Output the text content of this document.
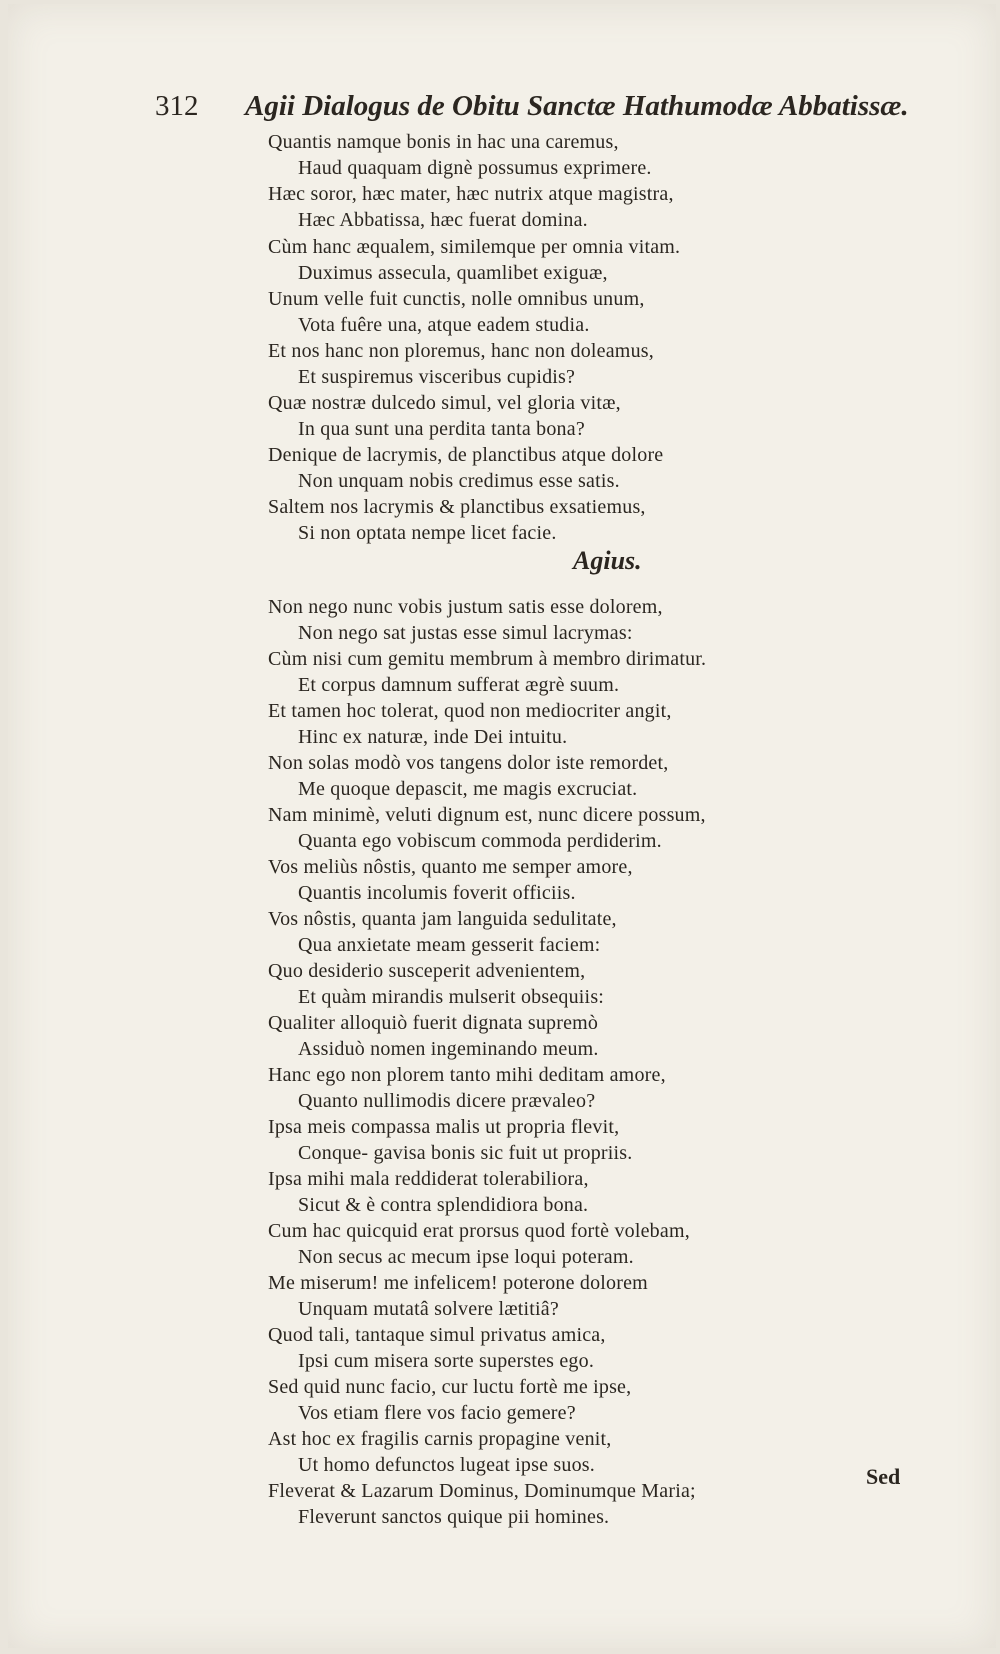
312 Agii Dialogus de Obitu Sanctæ Hathumodæ Abbatissæ.
Quantis namque bonis in hac una caremus,
Haud quaquam dignè possumus exprimere.
Hæc soror, hæc mater, hæc nutrix atque magistra,
Hæc Abbatissa, hæc fuerat domina.
Cùm hanc æqualem, similemque per omnia vitam.
Duximus assecula, quamlibet exiguæ,
Unum velle fuit cunctis, nolle omnibus unum,
Vota fuêre una, atque eadem studia.
Et nos hanc non ploremus, hanc non doleamus,
Et suspiremus visceribus cupidis?
Quæ nostræ dulcedo simul, vel gloria vitæ,
In qua sunt una perdita tanta bona?
Denique de lacrymis, de planctibus atque dolore
Non unquam nobis credimus esse satis.
Saltem nos lacrymis & planctibus exsatiemus,
Si non optata nempe licet facie.
Agius.
Non nego nunc vobis justum satis esse dolorem,
Non nego sat justas esse simul lacrymas:
Cùm nisi cum gemitu membrum à membro dirimatur.
Et corpus damnum sufferat ægrè suum.
Et tamen hoc tolerat, quod non mediocriter angit,
Hinc ex naturæ, inde Dei intuitu.
Non solas modò vos tangens dolor iste remordet,
Me quoque depascit, me magis excruciat.
Nam minimè, veluti dignum est, nunc dicere possum,
Quanta ego vobiscum commoda perdiderim.
Vos meliùs nôstis, quanto me semper amore,
Quantis incolumis foverit officiis.
Vos nôstis, quanta jam languida sedulitate,
Qua anxietate meam gesserit faciem:
Quo desiderio susceperit advenientem,
Et quàm mirandis mulserit obsequiis:
Qualiter alloquiò fuerit dignata supremò
Assiduò nomen ingeminando meum.
Hanc ego non plorem tanto mihi deditam amore,
Quanto nullimodis dicere prævaleo?
Ipsa meis compassa malis ut propria flevit,
Conque- gavisa bonis sic fuit ut propriis.
Ipsa mihi mala reddiderat tolerabiliora,
Sicut & è contra splendidiora bona.
Cum hac quicquid erat prorsus quod fortè volebam,
Non secus ac mecum ipse loqui poteram.
Me miserum! me infelicem! poterone dolorem
Unquam mutatâ solvere lætitiâ?
Quod tali, tantaque simul privatus amica,
Ipsi cum misera sorte superstes ego.
Sed quid nunc facio, cur luctu fortè me ipse,
Vos etiam flere vos facio gemere?
Ast hoc ex fragilis carnis propagine venit,
Ut homo defunctos lugeat ipse suos.
Fleverat & Lazarum Dominus, Dominumque Maria;
Fleverunt sanctos quique pii homines.
Sed
